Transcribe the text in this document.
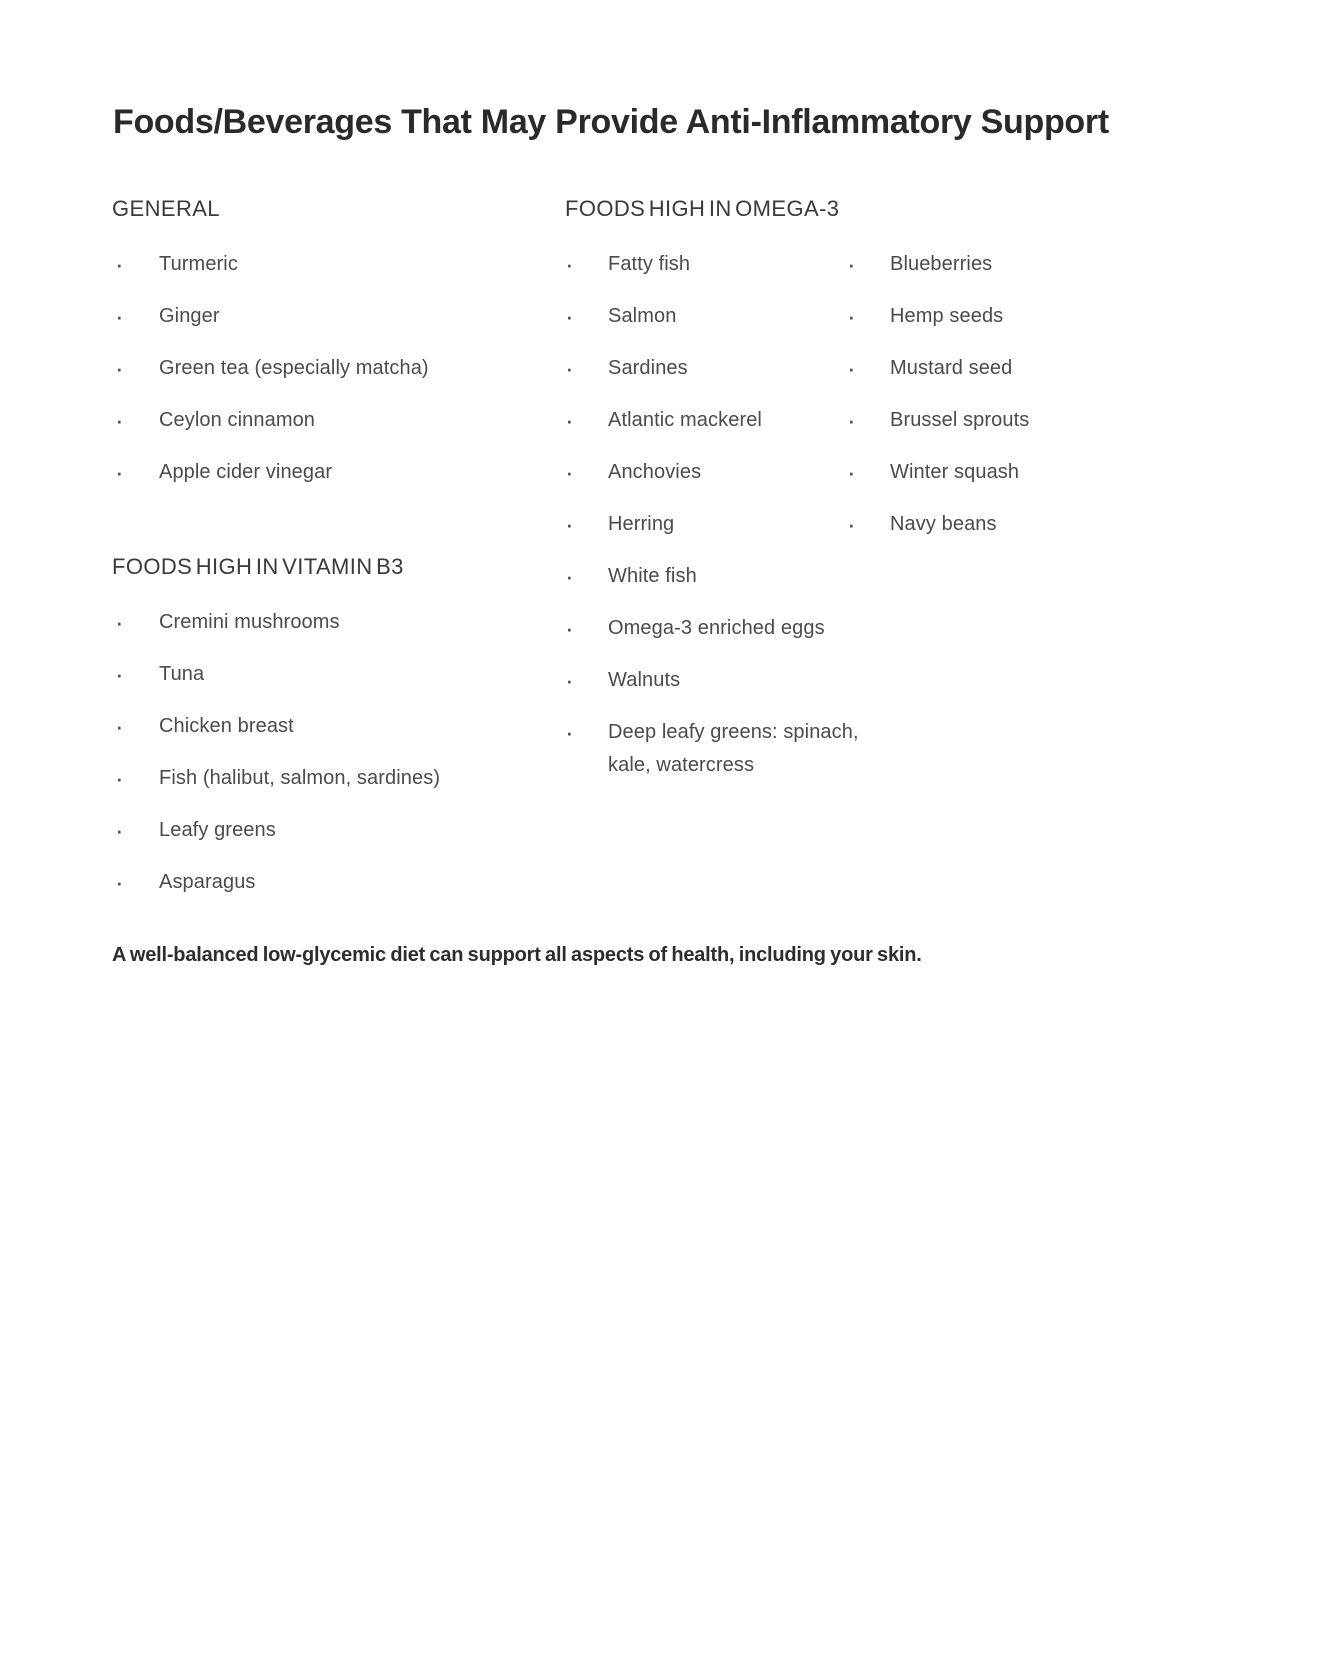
Foods/Beverages That May Provide Anti-Inflammatory Support
GENERAL
· Turmeric
· Ginger
· Green tea (especially matcha)
· Ceylon cinnamon
· Apple cider vinegar
FOODS HIGH IN VITAMIN B3
· Cremini mushrooms
· Tuna
· Chicken breast
· Fish (halibut, salmon, sardines)
· Leafy greens
· Asparagus
FOODS HIGH IN OMEGA-3
· Fatty fish
· Salmon
· Sardines
· Atlantic mackerel
· Anchovies
· Herring
· White fish
· Omega-3 enriched eggs
· Walnuts
· Deep leafy greens: spinach, kale, watercress
· Blueberries
· Hemp seeds
· Mustard seed
· Brussel sprouts
· Winter squash
· Navy beans

A well-balanced low-glycemic diet can support all aspects of health, including your skin.
